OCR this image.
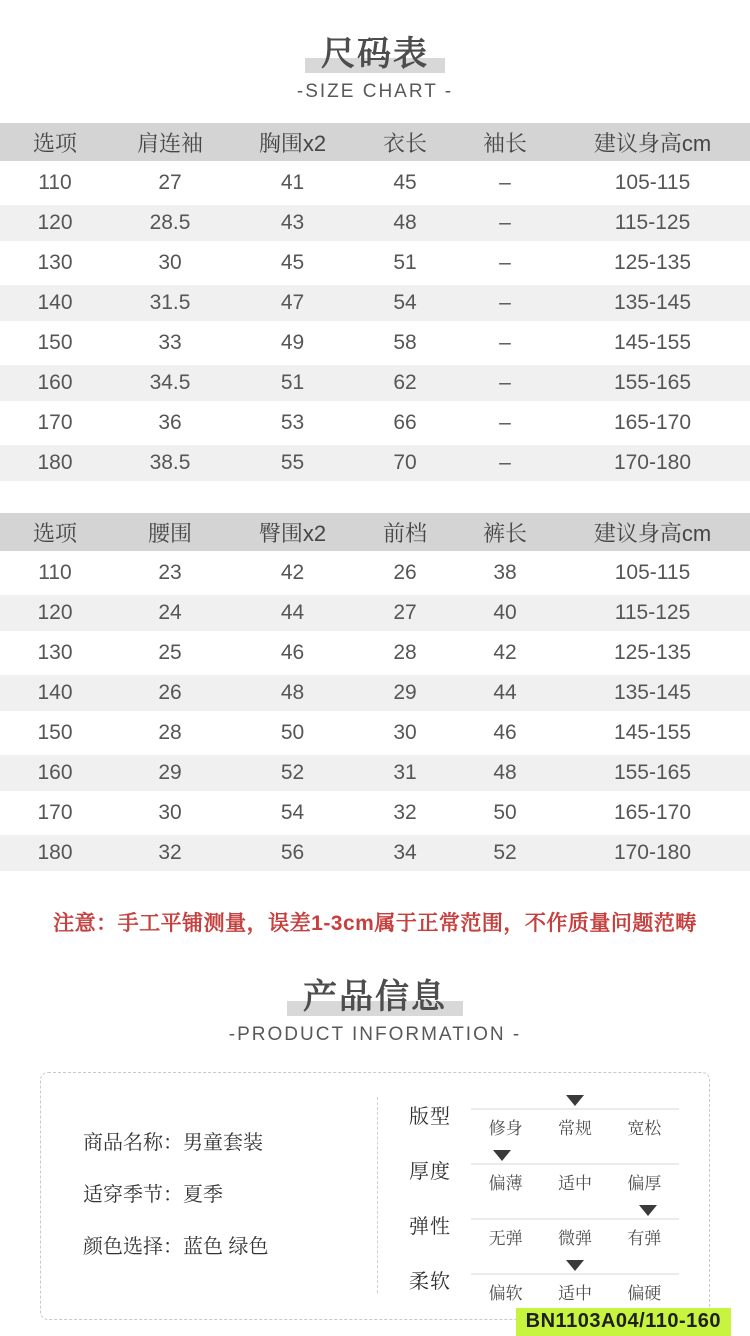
尺码表
-SIZE CHART -
选项	肩连袖	胸围x2	衣长	袖长	建议身高cm
110	27	41	45	–	105-115
120	28.5	43	48	–	115-125
130	30	45	51	–	125-135
140	31.5	47	54	–	135-145
150	33	49	58	–	145-155
160	34.5	51	62	–	155-165
170	36	53	66	–	165-170
180	38.5	55	70	–	170-180
选项	腰围	臀围x2	前档	裤长	建议身高cm
110	23	42	26	38	105-115
120	24	44	27	40	115-125
130	25	46	28	42	125-135
140	26	48	29	44	135-145
150	28	50	30	46	145-155
160	29	52	31	48	155-165
170	30	54	32	50	165-170
180	32	56	34	52	170-180
注意：手工平铺测量，误差1-3cm属于正常范围，不作质量问题范畴
产品信息
-PRODUCT INFORMATION -
商品名称：男童套装
适穿季节：夏季
颜色选择：蓝色 绿色
版型
修身	常规	宽松
厚度
偏薄	适中	偏厚
弹性
无弹	微弹	有弹
柔软
偏软	适中	偏硬
BN1103A04/110-160
